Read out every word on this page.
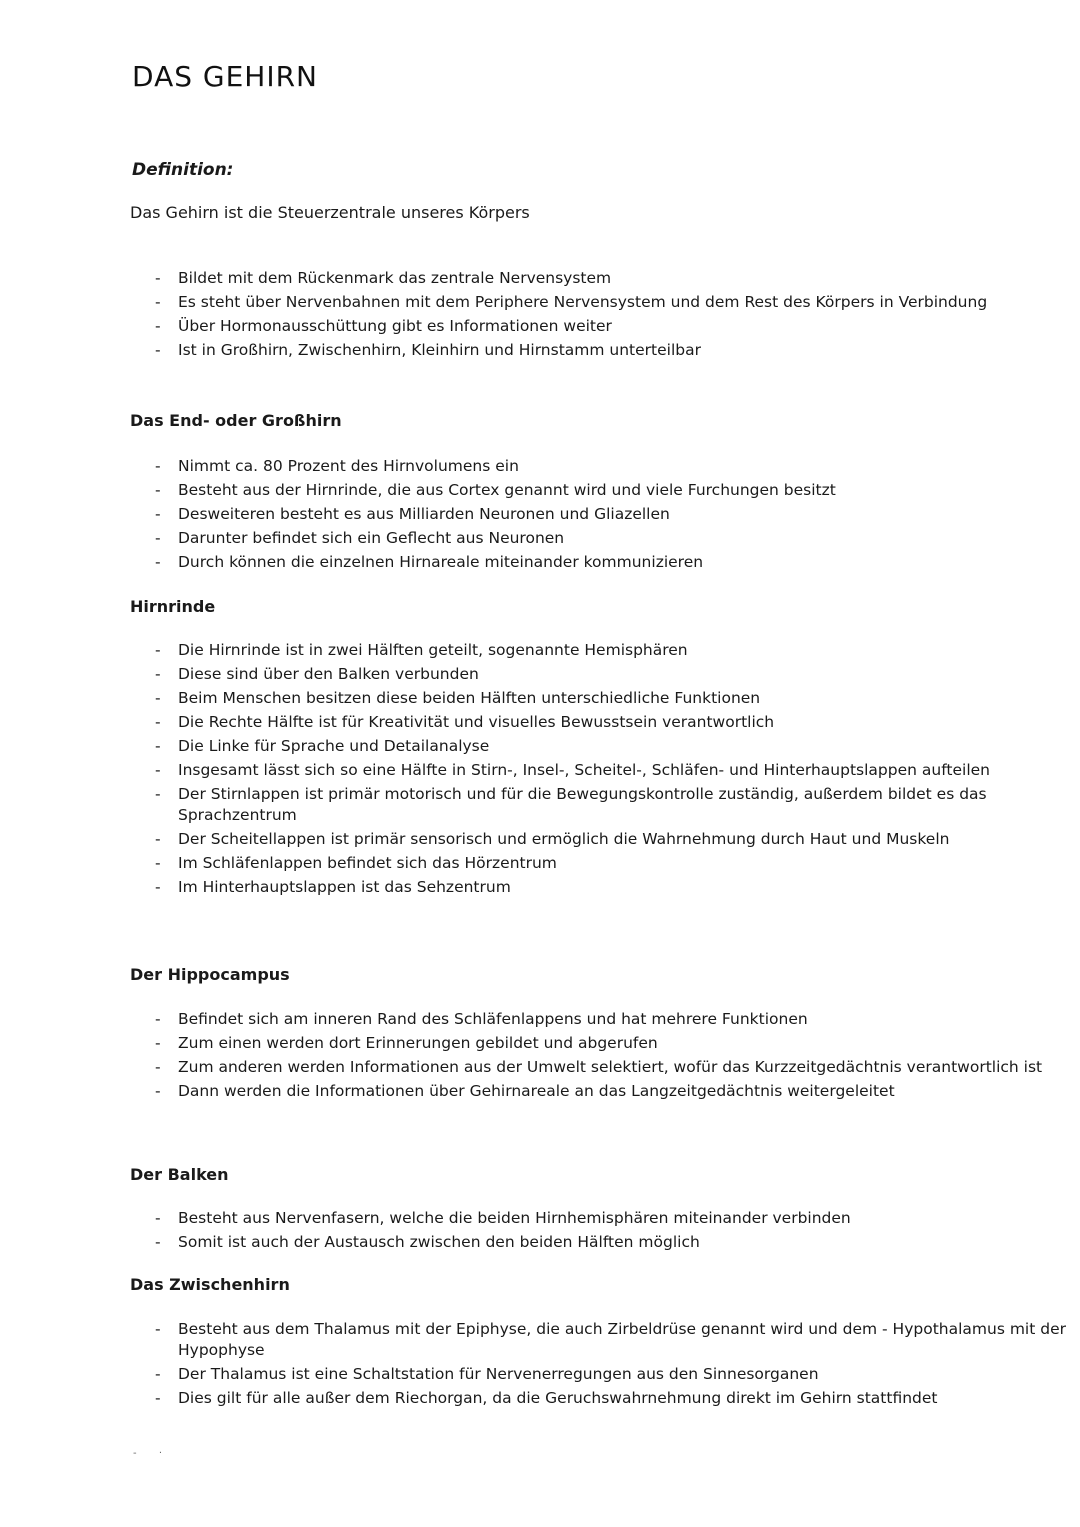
DAS GEHIRN
Definition:

Das Gehirn ist die Steuerzentrale unseres Körpers

- Bildet mit dem Rückenmark das zentrale Nervensystem
- Es steht über Nervenbahnen mit dem Periphere Nervensystem und dem Rest des Körpers in Verbindung
- Über Hormonausschüttung gibt es Informationen weiter
- Ist in Großhirn, Zwischenhirn, Kleinhirn und Hirnstamm unterteilbar
Das End- oder Großhirn
- Nimmt ca. 80 Prozent des Hirnvolumens ein
- Besteht aus der Hirnrinde, die aus Cortex genannt wird und viele Furchungen besitzt
- Desweiteren besteht es aus Milliarden Neuronen und Gliazellen
- Darunter befindet sich ein Geflecht aus Neuronen
- Durch können die einzelnen Hirnareale miteinander kommunizieren
Hirnrinde
- Die Hirnrinde ist in zwei Hälften geteilt, sogenannte Hemisphären
- Diese sind über den Balken verbunden
- Beim Menschen besitzen diese beiden Hälften unterschiedliche Funktionen
- Die Rechte Hälfte ist für Kreativität und visuelles Bewusstsein verantwortlich
- Die Linke für Sprache und Detailanalyse
- Insgesamt lässt sich so eine Hälfte in Stirn-, Insel-, Scheitel-, Schläfen- und Hinterhauptslappen aufteilen
- Der Stirnlappen ist primär motorisch und für die Bewegungskontrolle zuständig, außerdem bildet es das Sprachzentrum
- Der Scheitellappen ist primär sensorisch und ermöglich die Wahrnehmung durch Haut und Muskeln
- Im Schläfenlappen befindet sich das Hörzentrum
- Im Hinterhauptslappen ist das Sehzentrum
Der Hippocampus
- Befindet sich am inneren Rand des Schläfenlappens und hat mehrere Funktionen
- Zum einen werden dort Erinnerungen gebildet und abgerufen
- Zum anderen werden Informationen aus der Umwelt selektiert, wofür das Kurzzeitgedächtnis verantwortlich ist
- Dann werden die Informationen über Gehirnareale an das Langzeitgedächtnis weitergeleitet
Der Balken
- Besteht aus Nervenfasern, welche die beiden Hirnhemisphären miteinander verbinden
- Somit ist auch der Austausch zwischen den beiden Hälften möglich
Das Zwischenhirn
- Besteht aus dem Thalamus mit der Epiphyse, die auch Zirbeldrüse genannt wird und dem - Hypothalamus mit der Hypophyse
- Der Thalamus ist eine Schaltstation für Nervenerregungen aus den Sinnesorganen
- Dies gilt für alle außer dem Riechorgan, da die Geruchswahrnehmung direkt im Gehirn stattfindet
-       ·
